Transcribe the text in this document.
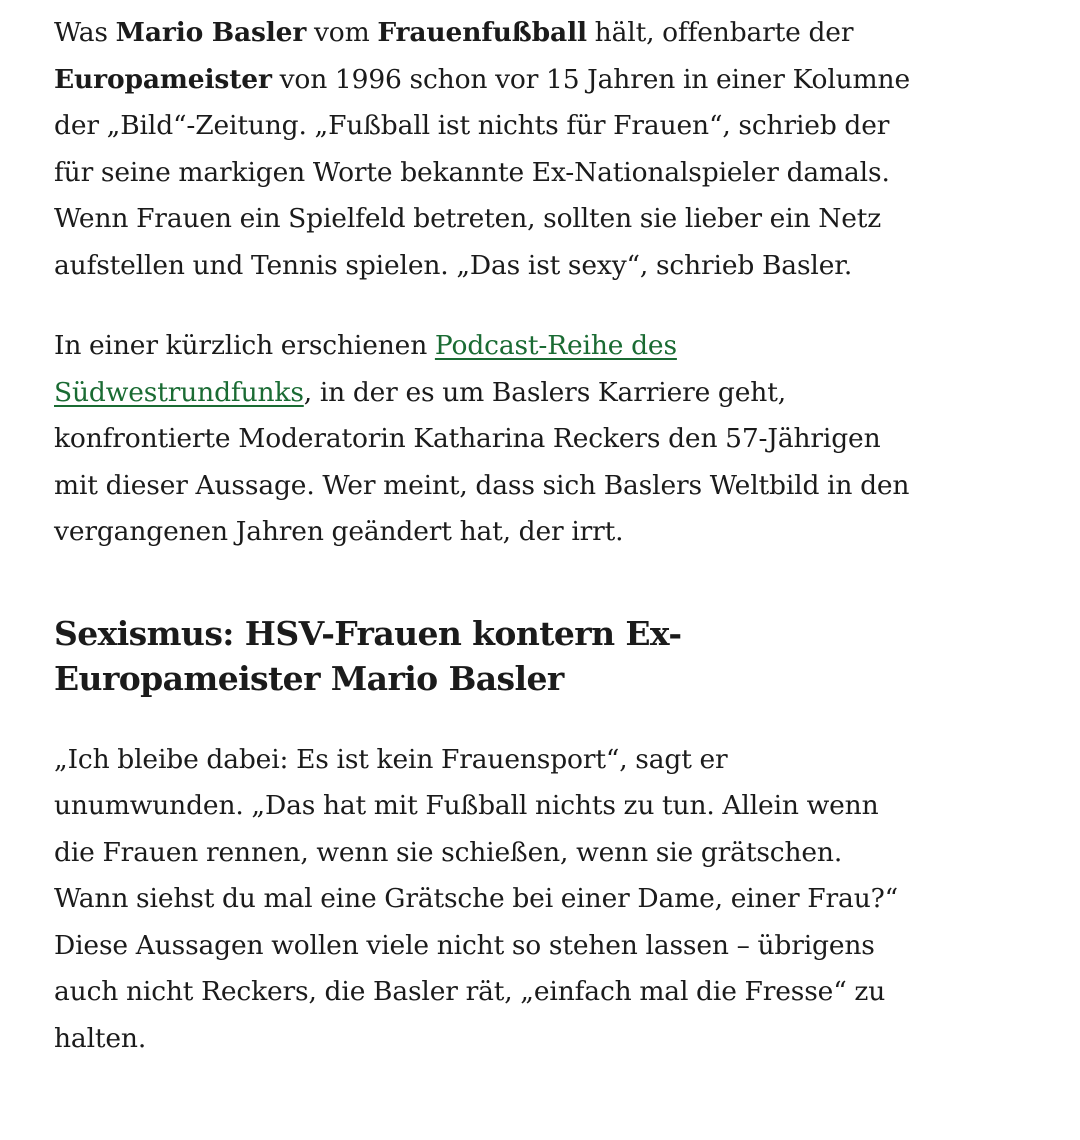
Was Mario Basler vom Frauenfußball hält, offenbarte der Europameister von 1996 schon vor 15 Jahren in einer Kolumne der „Bild“-Zeitung. „Fußball ist nichts für Frauen“, schrieb der für seine markigen Worte bekannte Ex-Nationalspieler damals. Wenn Frauen ein Spielfeld betreten, sollten sie lieber ein Netz aufstellen und Tennis spielen. „Das ist sexy“, schrieb Basler.

In einer kürzlich erschienen Podcast-Reihe des Südwestrundfunks, in der es um Baslers Karriere geht, konfrontierte Moderatorin Katharina Reckers den 57-Jährigen mit dieser Aussage. Wer meint, dass sich Baslers Weltbild in den vergangenen Jahren geändert hat, der irrt.

Sexismus: HSV-Frauen kontern Ex-Europameister Mario Basler

„Ich bleibe dabei: Es ist kein Frauensport“, sagt er unumwunden. „Das hat mit Fußball nichts zu tun. Allein wenn die Frauen rennen, wenn sie schießen, wenn sie grätschen. Wann siehst du mal eine Grätsche bei einer Dame, einer Frau?“ Diese Aussagen wollen viele nicht so stehen lassen – übrigens auch nicht Reckers, die Basler rät, „einfach mal die Fresse“ zu halten.
